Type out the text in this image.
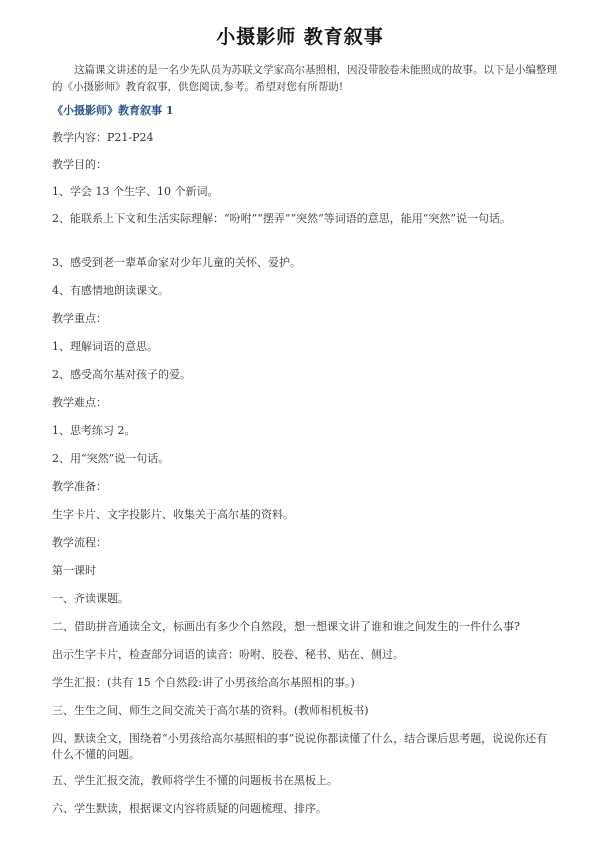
小摄影师 教育叙事
这篇课文讲述的是一名少先队员为苏联文学家高尔基照相，因没带胶卷未能照成的故事。以下是小编整理的《小摄影师》教育叙事，供您阅读,参考。希望对您有所帮助!
《小摄影师》教育叙事 1
教学内容：P21-P24
教学目的：
1、学会 13 个生字、10 个新词。
2、能联系上下文和生活实际理解：“吩咐”“摆弄”“突然”等词语的意思，能用“突然”说一句话。
3、感受到老一辈革命家对少年儿童的关怀、爱护。
4、有感情地朗读课文。
教学重点：
1、理解词语的意思。
2、感受高尔基对孩子的爱。
教学难点：
1、思考练习 2。
2、用“突然”说一句话。
教学准备：
生字卡片、文字投影片、收集关于高尔基的资料。
教学流程：
第一课时
一、齐读课题。
二、借助拼音通读全文，标画出有多少个自然段，想一想课文讲了谁和谁之间发生的一件什么事?
出示生字卡片，检查部分词语的读音：吩咐、胶卷、秘书、贴在、侧过。
学生汇报：(共有 15 个自然段:讲了小男孩给高尔基照相的事。)
三、生生之间、师生之间交流关于高尔基的资料。(教师相机板书)
四、默读全文，围绕着“小男孩给高尔基照相的事”说说你都读懂了什么，结合课后思考题，说说你还有什么不懂的问题。
五、学生汇报交流，教师将学生不懂的问题板书在黑板上。
六、学生默读，根据课文内容将质疑的问题梳理、排序。
